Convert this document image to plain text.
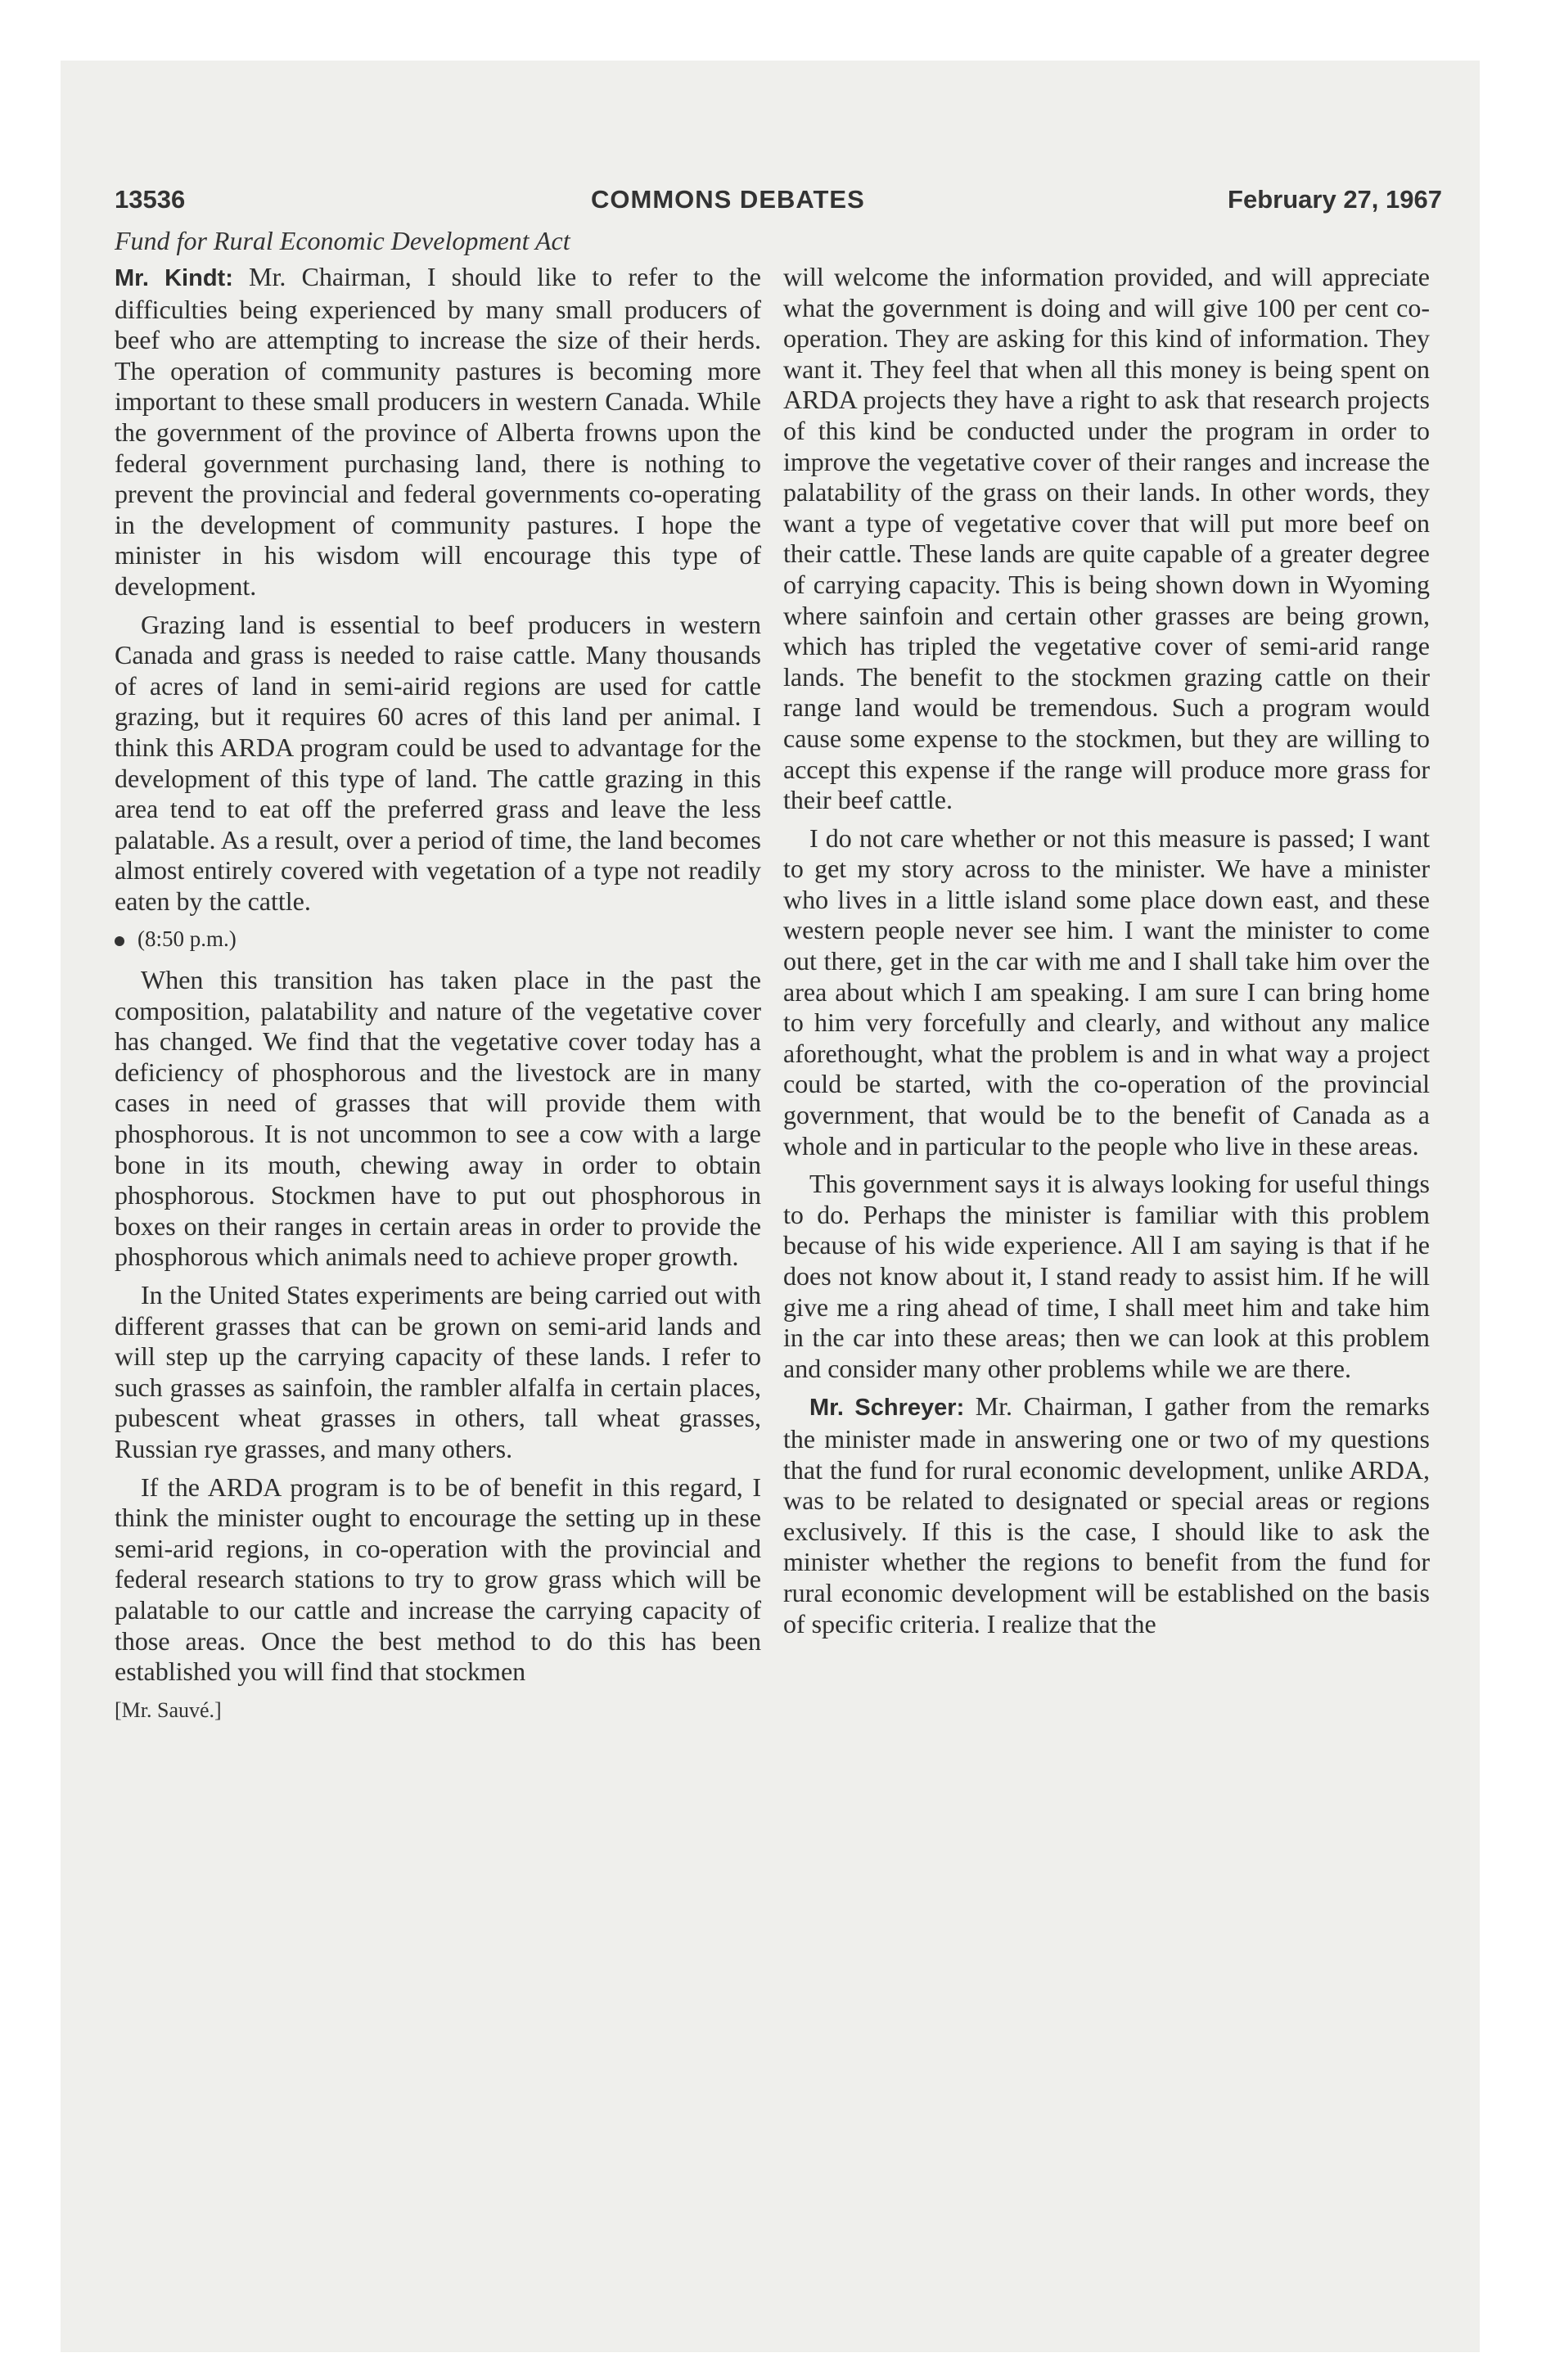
13536	COMMONS DEBATES	February 27, 1967
Fund for Rural Economic Development Act

Mr. Kindt: Mr. Chairman, I should like to refer to the difficulties being experienced by many small producers of beef who are attempting to increase the size of their herds. The operation of community pastures is becoming more important to these small producers in western Canada. While the government of the province of Alberta frowns upon the federal government purchasing land, there is nothing to prevent the provincial and federal governments co-operating in the development of community pastures. I hope the minister in his wisdom will encourage this type of development.

Grazing land is essential to beef producers in western Canada and grass is needed to raise cattle. Many thousands of acres of land in semi-airid regions are used for cattle grazing, but it requires 60 acres of this land per animal. I think this ARDA program could be used to advantage for the development of this type of land. The cattle grazing in this area tend to eat off the preferred grass and leave the less palatable. As a result, over a period of time, the land becomes almost entirely covered with vegetation of a type not readily eaten by the cattle.

(8:50 p.m.)

When this transition has taken place in the past the composition, palatability and nature of the vegetative cover has changed. We find that the vegetative cover today has a deficiency of phosphorous and the livestock are in many cases in need of grasses that will provide them with phosphorous. It is not uncommon to see a cow with a large bone in its mouth, chewing away in order to obtain phosphorous. Stockmen have to put out phosphorous in boxes on their ranges in certain areas in order to provide the phosphorous which animals need to achieve proper growth.

In the United States experiments are being carried out with different grasses that can be grown on semi-arid lands and will step up the carrying capacity of these lands. I refer to such grasses as sainfoin, the rambler alfalfa in certain places, pubescent wheat grasses in others, tall wheat grasses, Russian rye grasses, and many others.

If the ARDA program is to be of benefit in this regard, I think the minister ought to encourage the setting up in these semi-arid regions, in co-operation with the provincial and federal research stations to try to grow grass which will be palatable to our cattle and increase the carrying capacity of those areas. Once the best method to do this has been established you will find that stockmen

[Mr. Sauvé.]

will welcome the information provided, and will appreciate what the government is doing and will give 100 per cent co-operation. They are asking for this kind of information. They want it. They feel that when all this money is being spent on ARDA projects they have a right to ask that research projects of this kind be conducted under the program in order to improve the vegetative cover of their ranges and increase the palatability of the grass on their lands. In other words, they want a type of vegetative cover that will put more beef on their cattle. These lands are quite capable of a greater degree of carrying capacity. This is being shown down in Wyoming where sainfoin and certain other grasses are being grown, which has tripled the vegetative cover of semi-arid range lands. The benefit to the stockmen grazing cattle on their range land would be tremendous. Such a program would cause some expense to the stockmen, but they are willing to accept this expense if the range will produce more grass for their beef cattle.

I do not care whether or not this measure is passed; I want to get my story across to the minister. We have a minister who lives in a little island some place down east, and these western people never see him. I want the minister to come out there, get in the car with me and I shall take him over the area about which I am speaking. I am sure I can bring home to him very forcefully and clearly, and without any malice aforethought, what the problem is and in what way a project could be started, with the co-operation of the provincial government, that would be to the benefit of Canada as a whole and in particular to the people who live in these areas.

This government says it is always looking for useful things to do. Perhaps the minister is familiar with this problem because of his wide experience. All I am saying is that if he does not know about it, I stand ready to assist him. If he will give me a ring ahead of time, I shall meet him and take him in the car into these areas; then we can look at this problem and consider many other problems while we are there.

Mr. Schreyer: Mr. Chairman, I gather from the remarks the minister made in answering one or two of my questions that the fund for rural economic development, unlike ARDA, was to be related to designated or special areas or regions exclusively. If this is the case, I should like to ask the minister whether the regions to benefit from the fund for rural economic development will be established on the basis of specific criteria. I realize that the
